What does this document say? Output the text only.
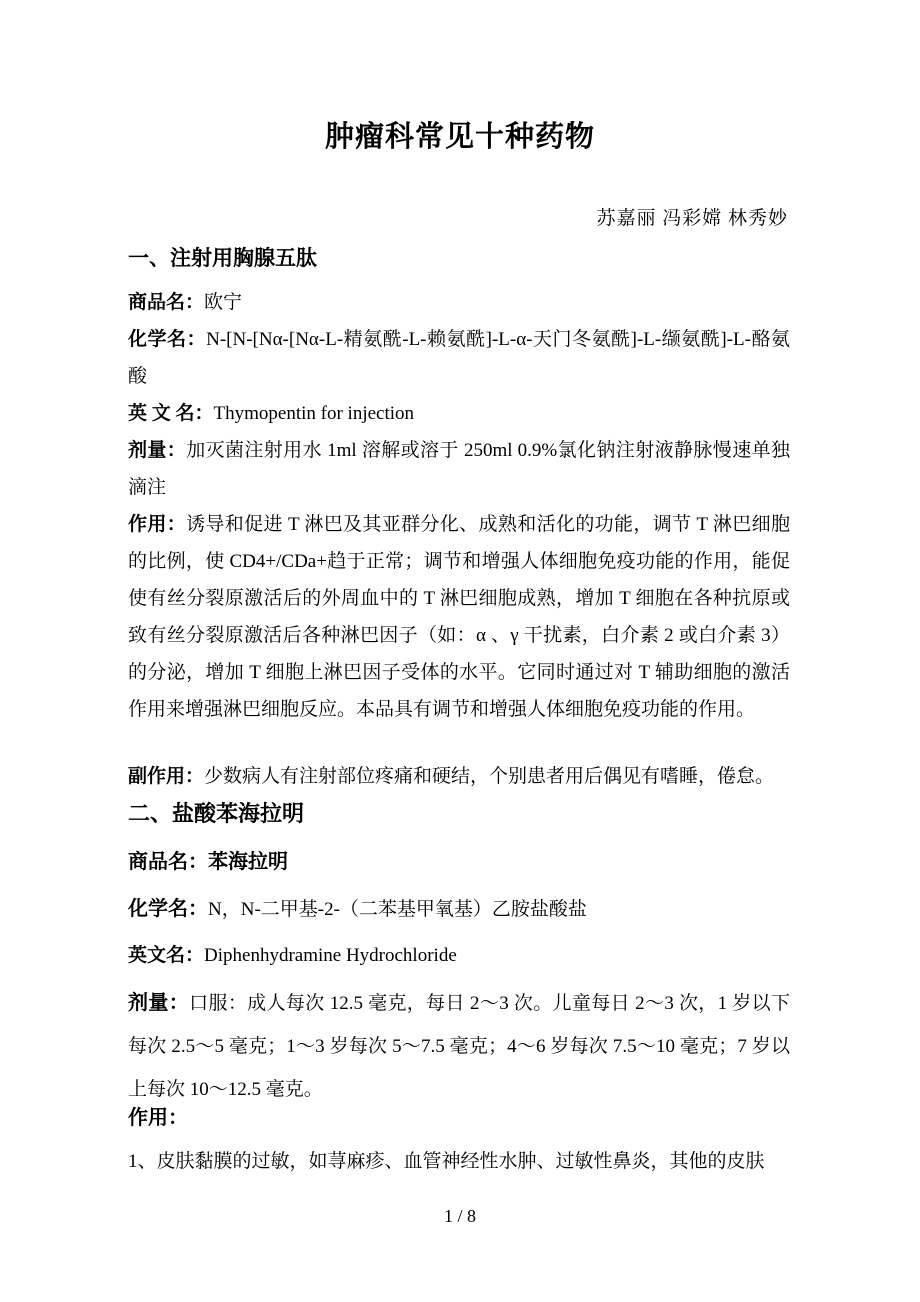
肿瘤科常见十种药物
苏嘉丽 冯彩嫦 林秀妙
一、注射用胸腺五肽

商品名：欧宁

化学名：N-[N-[Nα-[Nα-L-精氨酰-L-赖氨酰]-L-α-天门冬氨酰]-L-缬氨酰]-L-酪氨酸

英 文 名：Thymopentin for injection

剂量：加灭菌注射用水 1ml 溶解或溶于 250ml 0.9%氯化钠注射液静脉慢速单独滴注

作用：诱导和促进 T 淋巴及其亚群分化、成熟和活化的功能，调节 T 淋巴细胞的比例，使 CD4+/CDa+趋于正常；调节和增强人体细胞免疫功能的作用，能促使有丝分裂原激活后的外周血中的 T 淋巴细胞成熟，增加 T 细胞在各种抗原或致有丝分裂原激活后各种淋巴因子（如：α 、γ 干扰素，白介素 2 或白介素 3）的分泌，增加 T 细胞上淋巴因子受体的水平。它同时通过对 T 辅助细胞的激活作用来增强淋巴细胞反应。本品具有调节和增强人体细胞免疫功能的作用。

副作用：少数病人有注射部位疼痛和硬结，个别患者用后偶见有嗜睡，倦怠。

二、盐酸苯海拉明

商品名：苯海拉明

化学名：N，N-二甲基-2-（二苯基甲氧基）乙胺盐酸盐

英文名：Diphenhydramine Hydrochloride

剂量：口服：成人每次 12.5 毫克，每日 2～3 次。儿童每日 2～3 次，1 岁以下每次 2.5～5 毫克；1～3 岁每次 5～7.5 毫克；4～6 岁每次 7.5～10 毫克；7 岁以上每次 10～12.5 毫克。

作用：

1、皮肤黏膜的过敏，如荨麻疹、血管神经性水肿、过敏性鼻炎，其他的皮肤

1 / 8
